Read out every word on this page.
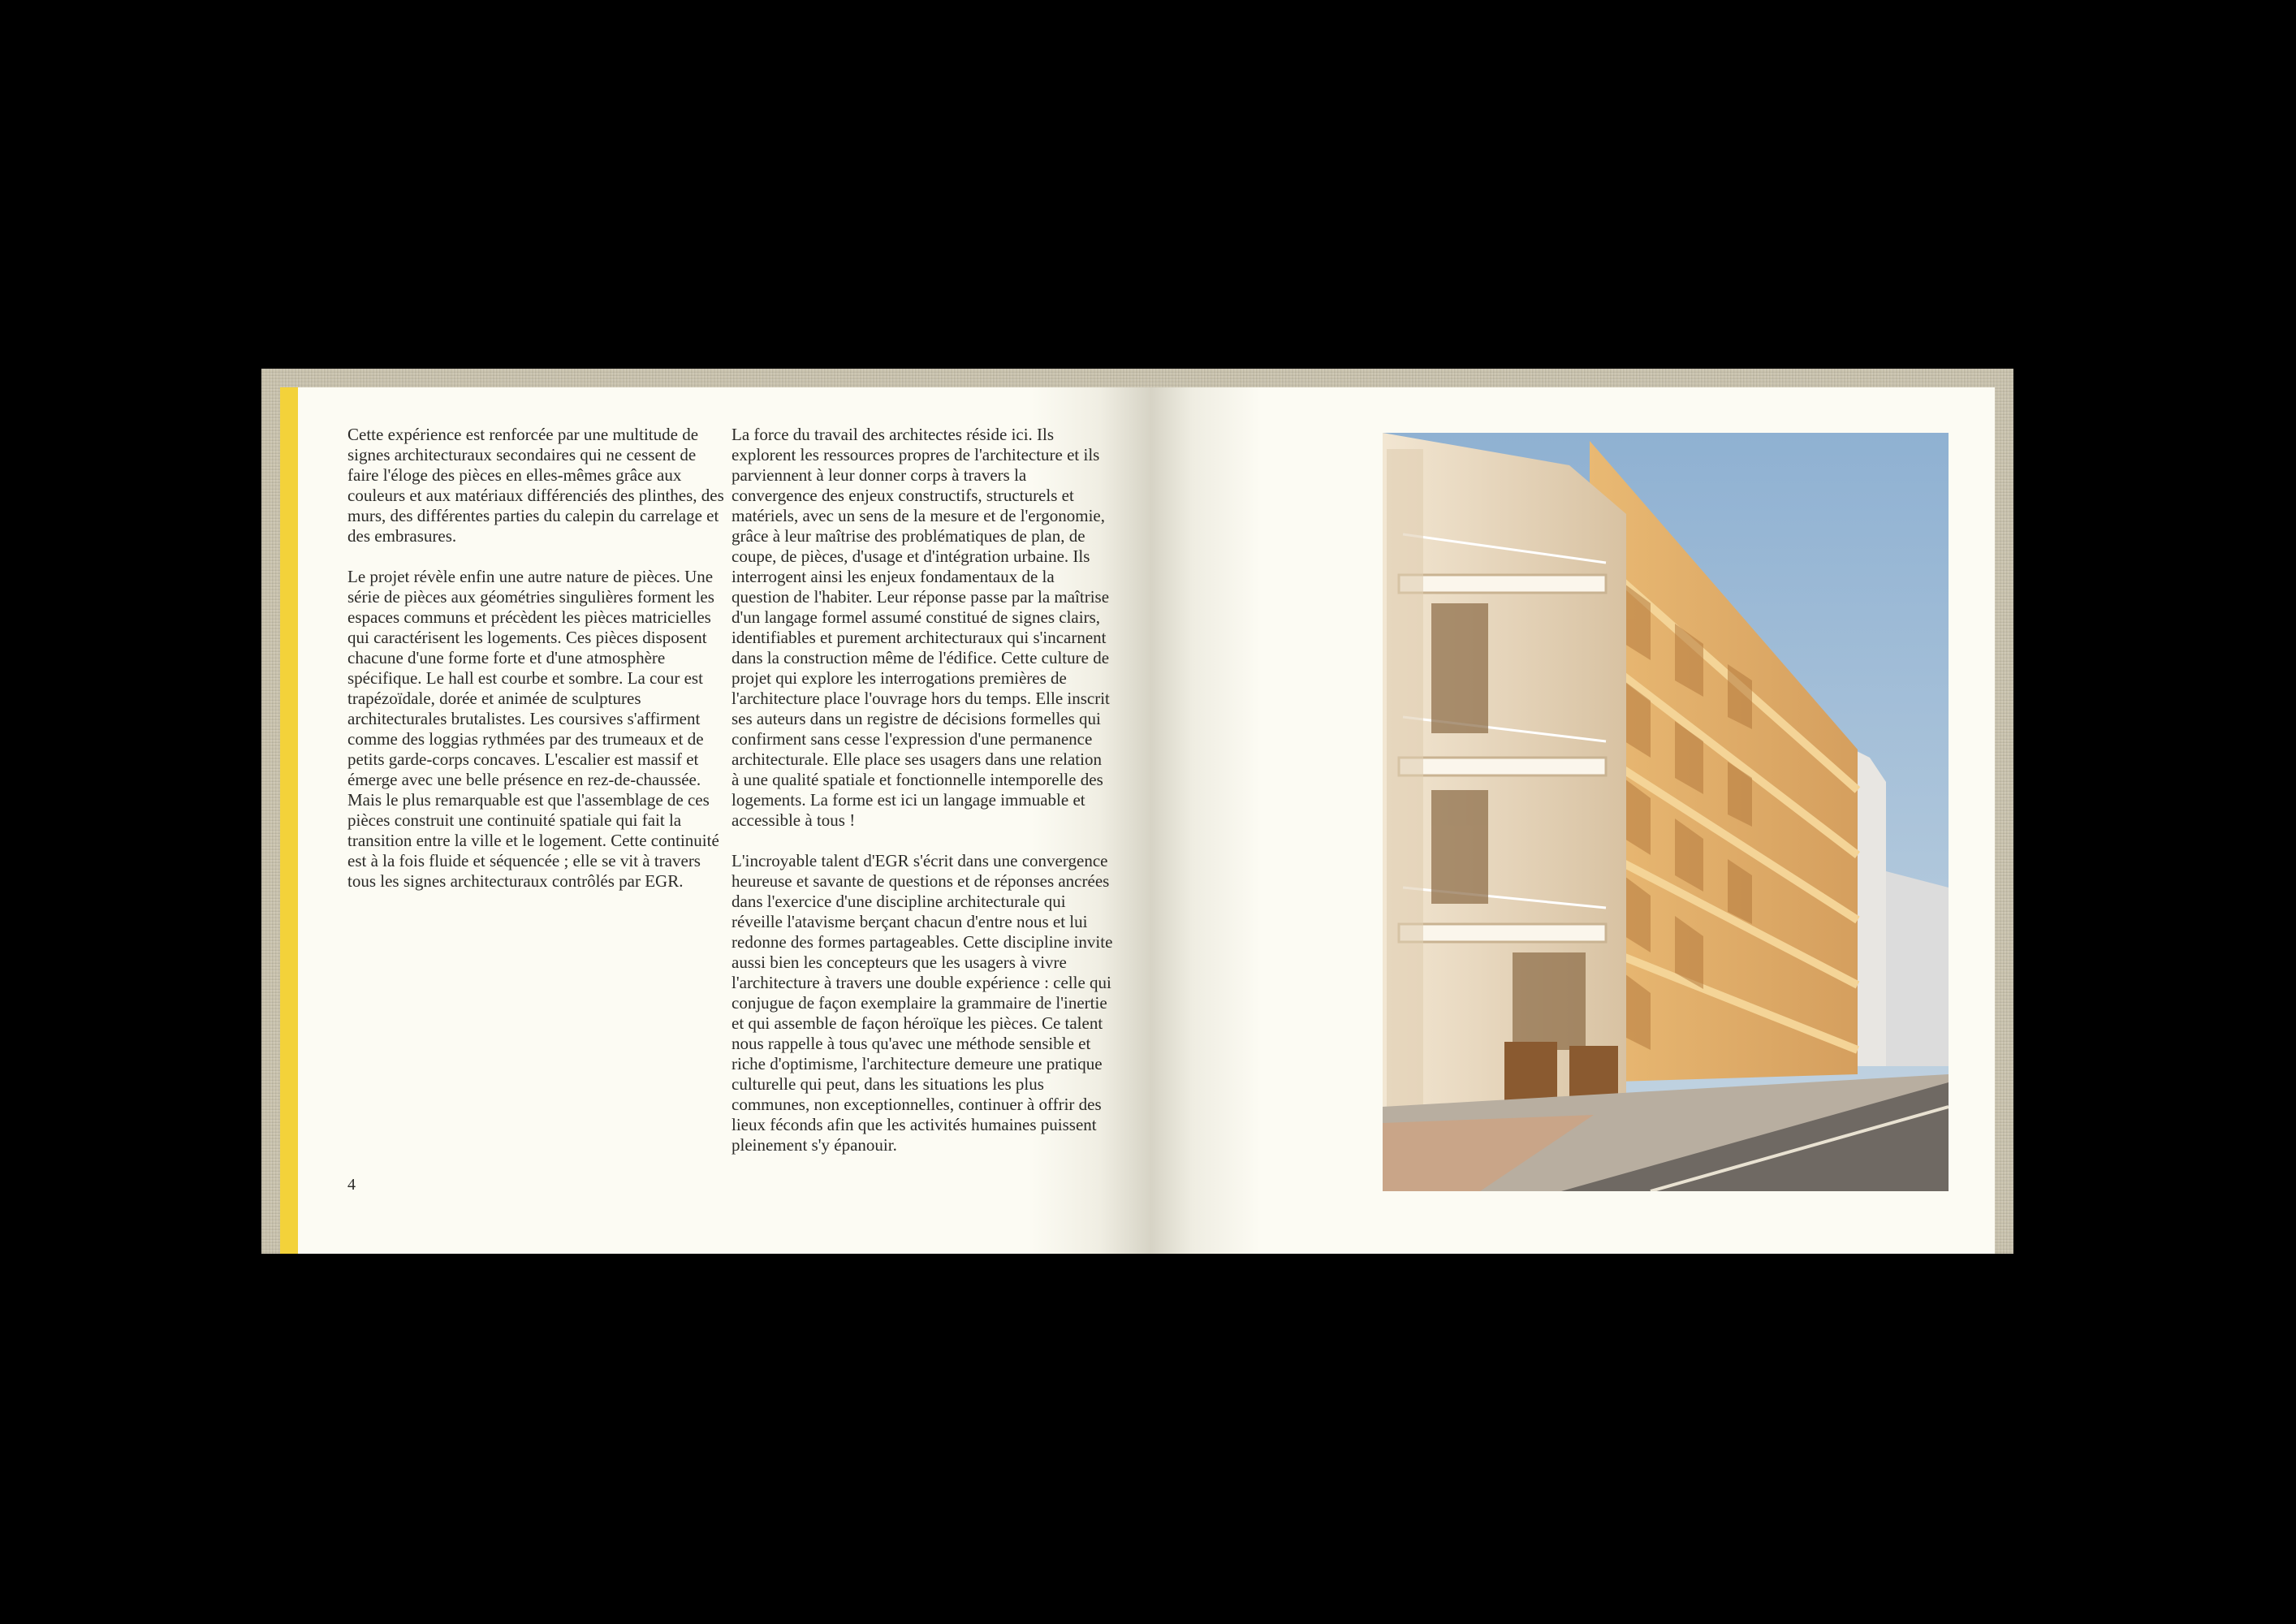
Cette expérience est renforcée par une multitude de signes architecturaux secondaires qui ne cessent de faire l'éloge des pièces en elles-mêmes grâce aux couleurs et aux matériaux différenciés des plinthes, des murs, des différentes parties du calepin du carrelage et des embrasures.

Le projet révèle enfin une autre nature de pièces. Une série de pièces aux géométries singulières forment les espaces communs et précèdent les pièces matricielles qui caractérisent les logements. Ces pièces disposent chacune d'une forme forte et d'une atmosphère spécifique. Le hall est courbe et sombre. La cour est trapézoïdale, dorée et animée de sculptures architecturales brutalistes. Les coursives s'affirment comme des loggias rythmées par des trumeaux et de petits garde-corps concaves. L'escalier est massif et émerge avec une belle présence en rez-de-chaussée. Mais le plus remarquable est que l'assemblage de ces pièces construit une continuité spatiale qui fait la transition entre la ville et le logement. Cette continuité est à la fois fluide et séquencée ; elle se vit à travers tous les signes architecturaux contrôlés par EGR.

La force du travail des architectes réside ici. Ils explorent les ressources propres de l'architecture et ils parviennent à leur donner corps à travers la convergence des enjeux constructifs, structurels et matériels, avec un sens de la mesure et de l'ergonomie, grâce à leur maîtrise des problématiques de plan, de coupe, de pièces, d'usage et d'intégration urbaine. Ils interrogent ainsi les enjeux fondamentaux de la question de l'habiter. Leur réponse passe par la maîtrise d'un langage formel assumé constitué de signes clairs, identifiables et purement architecturaux qui s'incarnent dans la construction même de l'édifice. Cette culture de projet qui explore les interrogations premières de l'architecture place l'ouvrage hors du temps. Elle inscrit ses auteurs dans un registre de décisions formelles qui confirment sans cesse l'expression d'une permanence architecturale. Elle place ses usagers dans une relation à une qualité spatiale et fonctionnelle intemporelle des logements. La forme est ici un langage immuable et accessible à tous !

L'incroyable talent d'EGR s'écrit dans une convergence heureuse et savante de questions et de réponses ancrées dans l'exercice d'une discipline architecturale qui réveille l'atavisme berçant chacun d'entre nous et lui redonne des formes partageables. Cette discipline invite aussi bien les concepteurs que les usagers à vivre l'architecture à travers une double expérience : celle qui conjugue de façon exemplaire la grammaire de l'inertie et qui assemble de façon héroïque les pièces. Ce talent nous rappelle à tous qu'avec une méthode sensible et riche d'optimisme, l'architecture demeure une pratique culturelle qui peut, dans les situations les plus communes, non exceptionnelles, continuer à offrir des lieux féconds afin que les activités humaines puissent pleinement s'y épanouir.

4
